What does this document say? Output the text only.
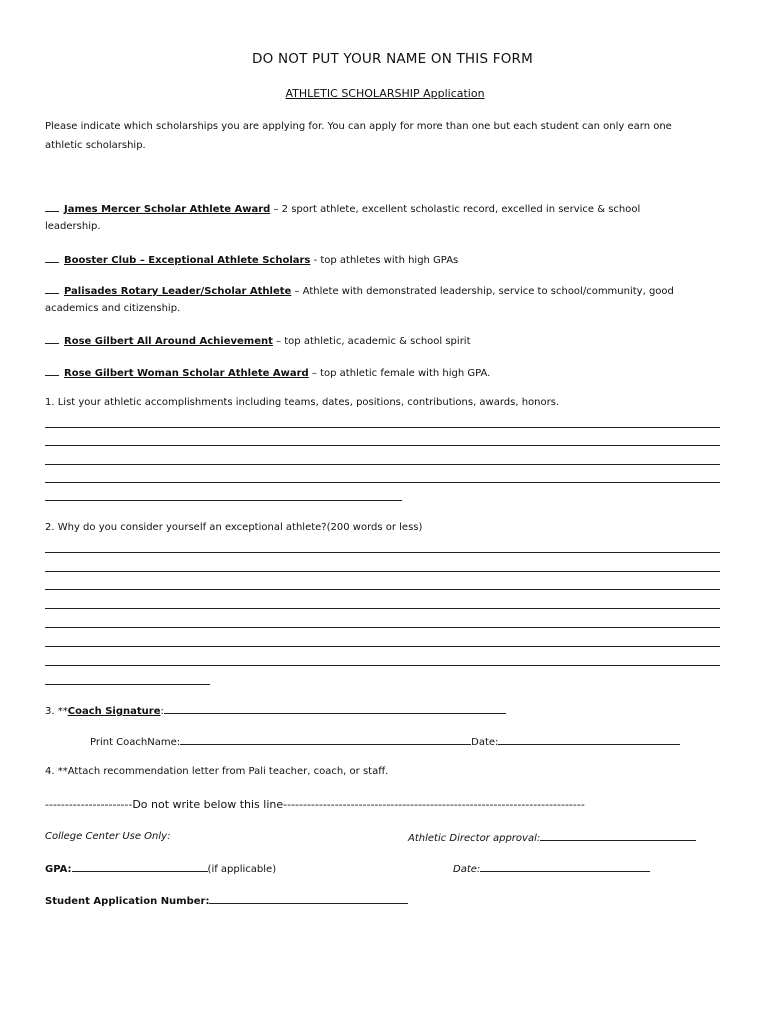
DO NOT PUT YOUR NAME ON THIS FORM
ATHLETIC SCHOLARSHIP Application
Please indicate which scholarships you are applying for. You can apply for more than one but each student can only earn one
athletic scholarship.
James Mercer Scholar Athlete Award – 2 sport athlete, excellent scholastic record, excelled in service & school
leadership.
Booster Club – Exceptional Athlete Scholars - top athletes with high GPAs
Palisades Rotary Leader/Scholar Athlete – Athlete with demonstrated leadership, service to school/community, good
academics and citizenship.
Rose Gilbert All Around Achievement – top athletic, academic & school spirit
Rose Gilbert Woman Scholar Athlete Award – top athletic female with high GPA.
1. List your athletic accomplishments including teams, dates, positions, contributions, awards, honors.
2. Why do you consider yourself an exceptional athlete?(200 words or less)
3. **Coach Signature:
Print CoachName:	Date:
4. **Attach recommendation letter from Pali teacher, coach, or staff.
----------------------Do not write below this line----------------------------------------------------------------------------
College Center Use Only:	Athletic Director approval:
GPA:	(if applicable)	Date:
Student Application Number:
